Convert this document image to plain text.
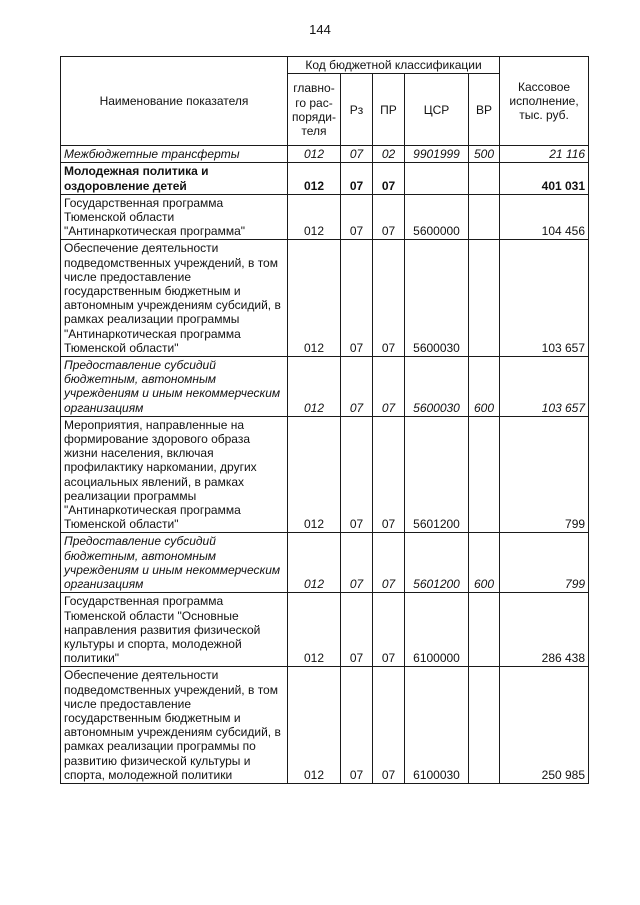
144
Наименование показателя	Код бюджетной классификации					Кассовое исполнение, тыс. руб.
	главно-го рас-поряди-теля	Рз	ПР	ЦСР	ВР	
Межбюджетные трансферты	012	07	02	9901999	500	21 116
Молодежная политика и оздоровление детей	012	07	07			401 031
Государственная программа Тюменской области "Антинаркотическая программа"	012	07	07	5600000		104 456
Обеспечение деятельности подведомственных учреждений, в том числе предоставление государственным бюджетным и автономным учреждениям субсидий, в рамках реализации программы "Антинаркотическая программа Тюменской области"	012	07	07	5600030		103 657
Предоставление субсидий бюджетным, автономным учреждениям и иным некоммерческим организациям	012	07	07	5600030	600	103 657
Мероприятия, направленные на формирование здорового образа жизни населения, включая профилактику наркомании, других асоциальных явлений, в рамках реализации программы "Антинаркотическая программа Тюменской области"	012	07	07	5601200		799
Предоставление субсидий бюджетным, автономным учреждениям и иным некоммерческим организациям	012	07	07	5601200	600	799
Государственная программа Тюменской области "Основные направления развития физической культуры и спорта, молодежной политики"	012	07	07	6100000		286 438
Обеспечение деятельности подведомственных учреждений, в том числе предоставление государственным бюджетным и автономным учреждениям субсидий, в рамках реализации программы по развитию физической культуры и спорта, молодежной политики	012	07	07	6100030		250 985
